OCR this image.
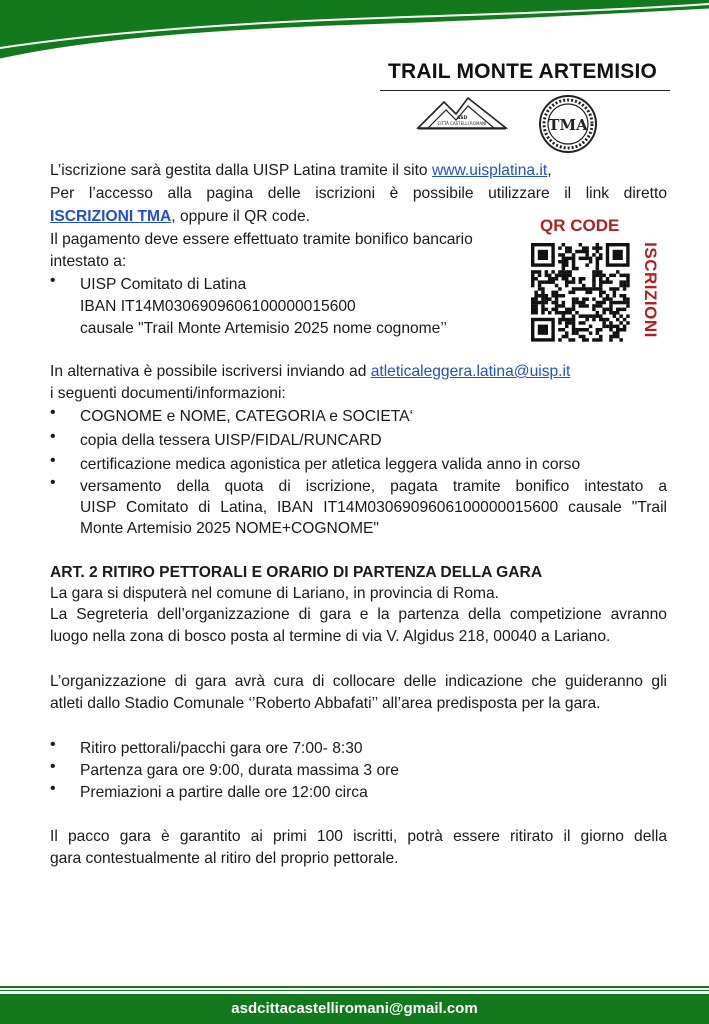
TRAIL MONTE ARTEMISIO
ASD
CITTÀ CASTELLI ROMANI	TMA
L’iscrizione sarà gestita dalla UISP Latina tramite il sito www.uisplatina.it,
Per l’accesso alla pagina delle iscrizioni è possibile utilizzare il link diretto
ISCRIZIONI TMA, oppure il QR code.
Il pagamento deve essere effettuato tramite bonifico bancario
intestato a:
• UISP Comitato di Latina
IBAN IT14M0306909606100000015600
causale "Trail Monte Artemisio 2025 nome cognome’’
QR CODE
ISCRIZIONI
In alternativa è possibile iscriversi inviando ad atleticaleggera.latina@uisp.it
i seguenti documenti/informazioni:
• COGNOME e NOME, CATEGORIA e SOCIETA‘
• copia della tessera UISP/FIDAL/RUNCARD
• certificazione medica agonistica per atletica leggera valida anno in corso
• versamento della quota di iscrizione, pagata tramite bonifico intestato a
UISP Comitato di Latina, IBAN IT14M0306909606100000015600 causale "Trail
Monte Artemisio 2025 NOME+COGNOME"
ART. 2 RITIRO PETTORALI E ORARIO DI PARTENZA DELLA GARA
La gara si disputerà nel comune di Lariano, in provincia di Roma.
La Segreteria dell’organizzazione di gara e la partenza della competizione avranno
luogo nella zona di bosco posta al termine di via V. Algidus 218, 00040 a Lariano.
L’organizzazione di gara avrà cura di collocare delle indicazione che guideranno gli
atleti dallo Stadio Comunale ‘’Roberto Abbafati’’ all’area predisposta per la gara.
• Ritiro pettorali/pacchi gara ore 7:00- 8:30
• Partenza gara ore 9:00, durata massima 3 ore
• Premiazioni a partire dalle ore 12:00 circa
Il pacco gara è garantito ai primi 100 iscritti, potrà essere ritirato il giorno della
gara contestualmente al ritiro del proprio pettorale.
asdcittacastelliromani@gmail.com
